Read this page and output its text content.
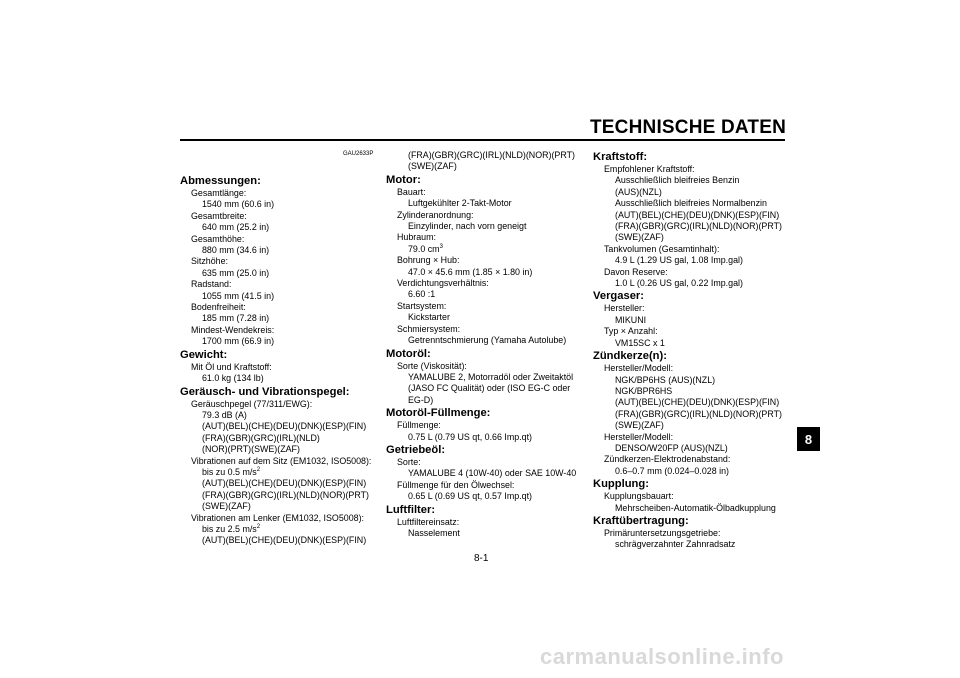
TECHNISCHE DATEN
8
GAU2633P
Abmessungen:
Gesamtlänge:
1540 mm (60.6 in)
Gesamtbreite:
640 mm (25.2 in)
Gesamthöhe:
880 mm (34.6 in)
Sitzhöhe:
635 mm (25.0 in)
Radstand:
1055 mm (41.5 in)
Bodenfreiheit:
185 mm (7.28 in)
Mindest-Wendekreis:
1700 mm (66.9 in)
Gewicht:
Mit Öl und Kraftstoff:
61.0 kg (134 lb)
Geräusch- und Vibrationspegel:
Geräuschpegel (77/311/EWG):
79.3 dB (A)
(AUT)(BEL)(CHE)(DEU)(DNK)(ESP)(FIN)
(FRA)(GBR)(GRC)(IRL)(NLD)
(NOR)(PRT)(SWE)(ZAF)
Vibrationen auf dem Sitz (EM1032, ISO5008):
bis zu 0.5 $m/s^2$
(AUT)(BEL)(CHE)(DEU)(DNK)(ESP)(FIN)
(FRA)(GBR)(GRC)(IRL)(NLD)(NOR)(PRT)
(SWE)(ZAF)
Vibrationen am Lenker (EM1032, ISO5008):
bis zu 2.5 $m/s^2$
(AUT)(BEL)(CHE)(DEU)(DNK)(ESP)(FIN)
(FRA)(GBR)(GRC)(IRL)(NLD)(NOR)(PRT)
(SWE)(ZAF)
Motor:
Bauart:
Luftgekühlter 2-Takt-Motor
Zylinderanordnung:
Einzylinder, nach vorn geneigt
Hubraum:
79.0 $cm^3$
Bohrung × Hub:
47.0 × 45.6 mm (1.85 × 1.80 in)
Verdichtungsverhältnis:
6.60 :1
Startsystem:
Kickstarter
Schmiersystem:
Getrenntschmierung (Yamaha Autolube)
Motoröl:
Sorte (Viskosität):
YAMALUBE 2, Motorradöl oder Zweitaktöl
(JASO FC Qualität) oder (ISO EG-C oder
EG-D)
Motoröl-Füllmenge:
Füllmenge:
0.75 L (0.79 US qt, 0.66 Imp.qt)
Getriebeöl:
Sorte:
YAMALUBE 4 (10W-40) oder SAE 10W-40
Füllmenge für den Ölwechsel:
0.65 L (0.69 US qt, 0.57 Imp.qt)
Luftfilter:
Luftfiltereinsatz:
Nasselement
Kraftstoff:
Empfohlener Kraftstoff:
Ausschließlich bleifreies Benzin
(AUS)(NZL)
Ausschließlich bleifreies Normalbenzin
(AUT)(BEL)(CHE)(DEU)(DNK)(ESP)(FIN)
(FRA)(GBR)(GRC)(IRL)(NLD)(NOR)(PRT)
(SWE)(ZAF)
Tankvolumen (Gesamtinhalt):
4.9 L (1.29 US gal, 1.08 Imp.gal)
Davon Reserve:
1.0 L (0.26 US gal, 0.22 Imp.gal)
Vergaser:
Hersteller:
MIKUNI
Typ × Anzahl:
VM15SC x 1
Zündkerze(n):
Hersteller/Modell:
NGK/BP6HS (AUS)(NZL)
NGK/BPR6HS
(AUT)(BEL)(CHE)(DEU)(DNK)(ESP)(FIN)
(FRA)(GBR)(GRC)(IRL)(NLD)(NOR)(PRT)
(SWE)(ZAF)
Hersteller/Modell:
DENSO/W20FP (AUS)(NZL)
Zündkerzen-Elektrodenabstand:
0.6–0.7 mm (0.024–0.028 in)
Kupplung:
Kupplungsbauart:
Mehrscheiben-Automatik-Ölbadkupplung
Kraftübertragung:
Primäruntersetzungsgetriebe:
schrägverzahnter Zahnradsatz
8-1
carmanualsonline.info
